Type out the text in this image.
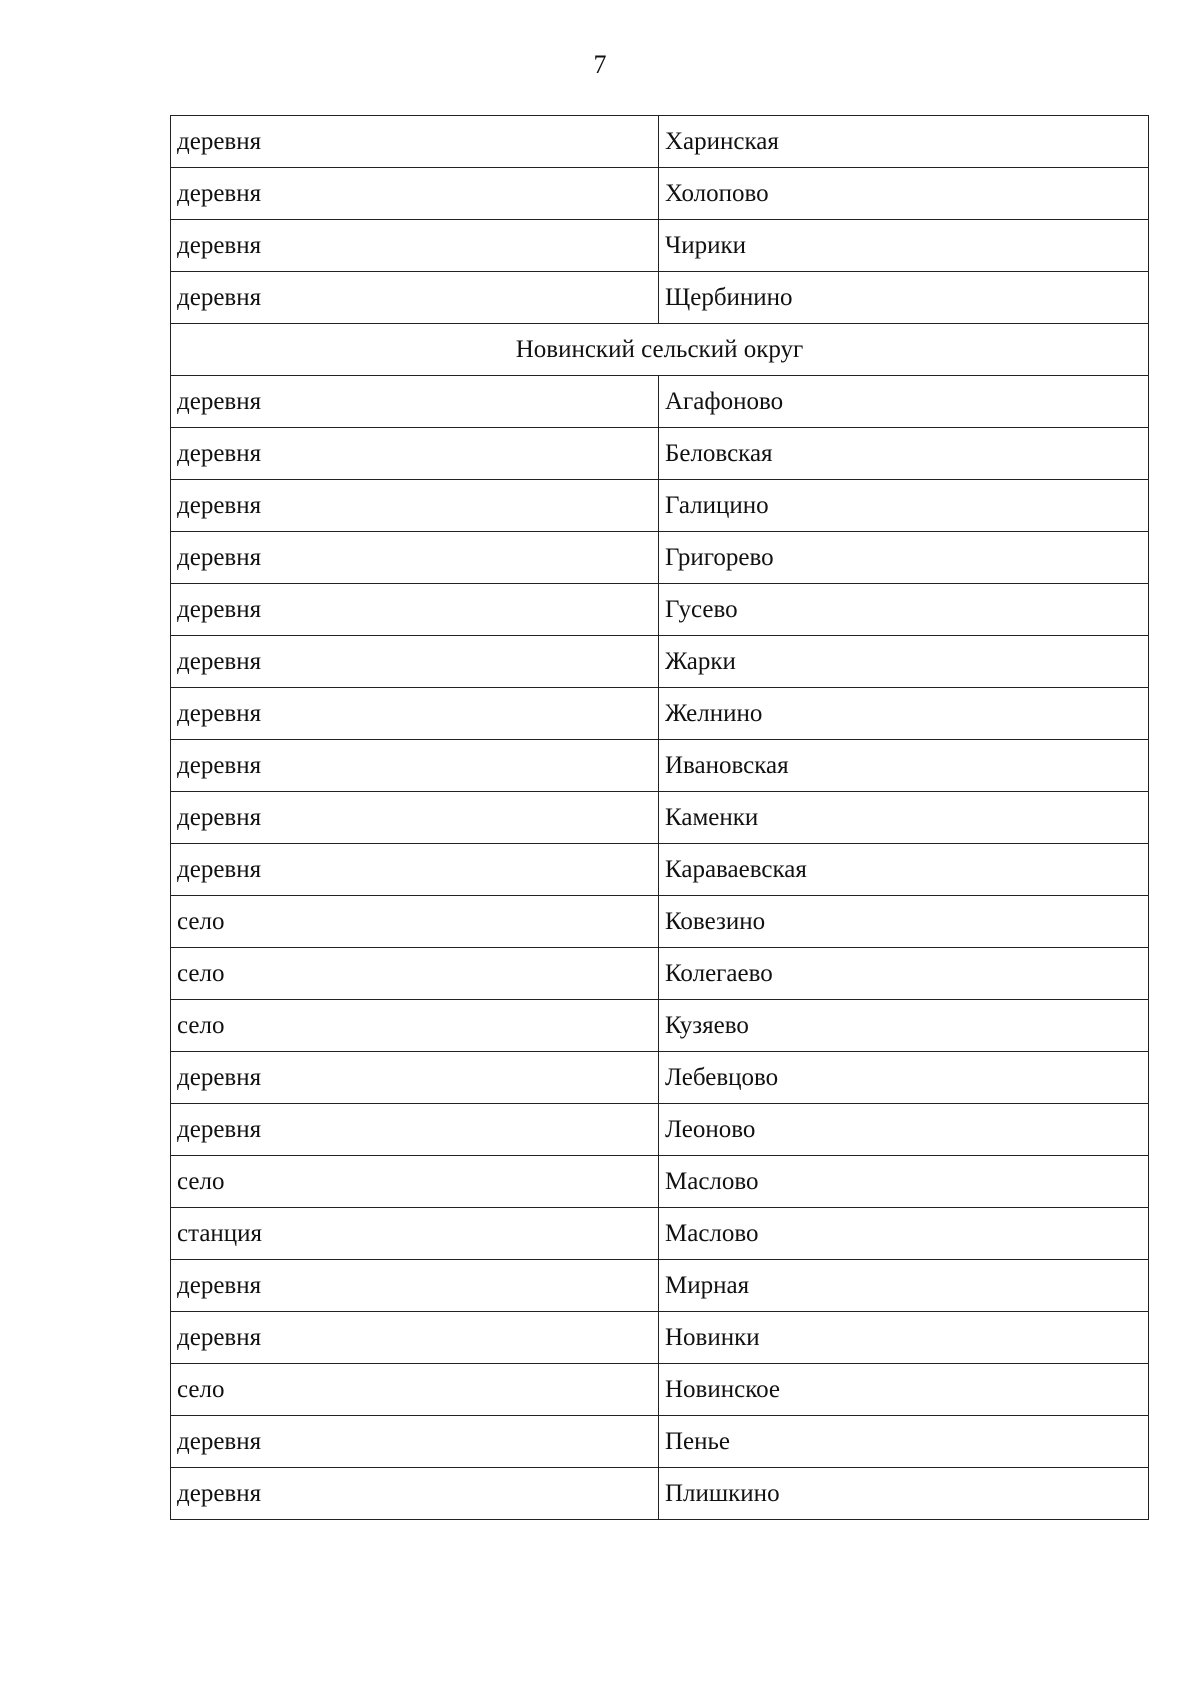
7
деревня	Харинская
деревня	Холопово
деревня	Чирики
деревня	Щербинино
Новинский сельский округ	
деревня	Агафоново
деревня	Беловская
деревня	Галицино
деревня	Григорево
деревня	Гусево
деревня	Жарки
деревня	Желнино
деревня	Ивановская
деревня	Каменки
деревня	Караваевская
село	Ковезино
село	Колегаево
село	Кузяево
деревня	Лебевцово
деревня	Леоново
село	Маслово
станция	Маслово
деревня	Мирная
деревня	Новинки
село	Новинское
деревня	Пенье
деревня	Плишкино
